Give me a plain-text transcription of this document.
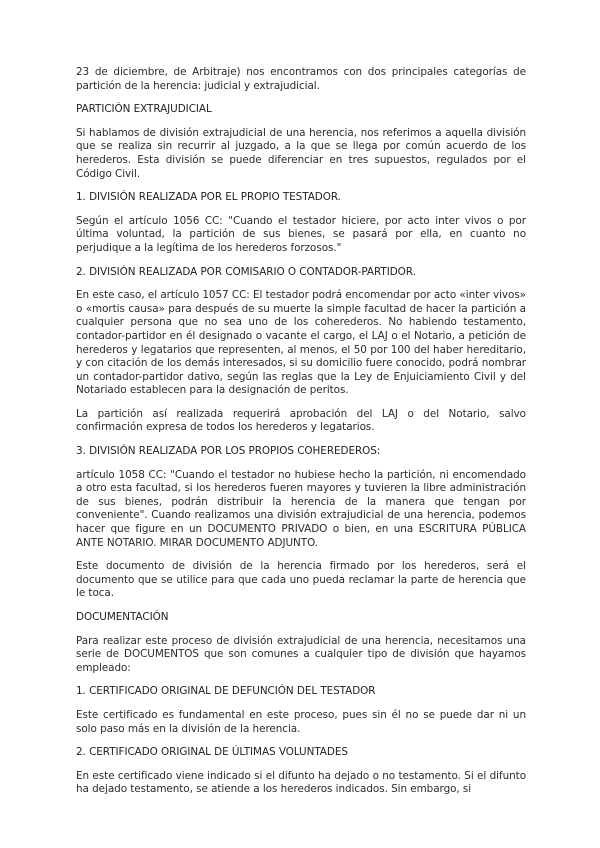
23 de diciembre, de Arbitraje) nos encontramos con dos principales categorías de partición de la herencia: judicial y extrajudicial.

PARTICIÓN EXTRAJUDICIAL

Si hablamos de división extrajudicial de una herencia, nos referimos a aquella división que se realiza sin recurrir al juzgado, a la que se llega por común acuerdo de los herederos. Esta división se puede diferenciar en tres supuestos, regulados por el Código Civil.

1. DIVISIÓN REALIZADA POR EL PROPIO TESTADOR.

Según el artículo 1056 CC: "Cuando el testador hiciere, por acto inter vivos o por última voluntad, la partición de sus bienes, se pasará por ella, en cuanto no perjudique a la legítima de los herederos forzosos."

2. DIVISIÓN REALIZADA POR COMISARIO O CONTADOR-PARTIDOR.

En este caso, el artículo 1057 CC: El testador podrá encomendar por acto «inter vivos» o «mortis causa» para después de su muerte la simple facultad de hacer la partición a cualquier persona que no sea uno de los coherederos. No habiendo testamento, contador-partidor en él designado o vacante el cargo, el LAJ o el Notario, a petición de herederos y legatarios que representen, al menos, el 50 por 100 del haber hereditario, y con citación de los demás interesados, si su domicilio fuere conocido, podrá nombrar un contador-partidor dativo, según las reglas que la Ley de Enjuiciamiento Civil y del Notariado establecen para la designación de peritos.

La partición así realizada requerirá aprobación del LAJ o del Notario, salvo confirmación expresa de todos los herederos y legatarios.

3. DIVISIÓN REALIZADA POR LOS PROPIOS COHEREDEROS:

artículo 1058 CC: "Cuando el testador no hubiese hecho la partición, ni encomendado a otro esta facultad, si los herederos fueren mayores y tuvieren la libre administración de sus bienes, podrán distribuir la herencia de la manera que tengan por conveniente". Cuando realizamos una división extrajudicial de una herencia, podemos hacer que figure en un DOCUMENTO PRIVADO o bien, en una ESCRITURA PÚBLICA ANTE NOTARIO. MIRAR DOCUMENTO ADJUNTO.

Este documento de división de la herencia firmado por los herederos, será el documento que se utilice para que cada uno pueda reclamar la parte de herencia que le toca.

DOCUMENTACIÓN

Para realizar este proceso de división extrajudicial de una herencia, necesitamos una serie de DOCUMENTOS que son comunes a cualquier tipo de división que hayamos empleado:

1. CERTIFICADO ORIGINAL DE DEFUNCIÓN DEL TESTADOR

Este certificado es fundamental en este proceso, pues sin él no se puede dar ni un solo paso más en la división de la herencia.

2. CERTIFICADO ORIGINAL DE ÚLTIMAS VOLUNTADES

En este certificado viene indicado si el difunto ha dejado o no testamento. Si el difunto ha dejado testamento, se atiende a los herederos indicados. Sin embargo, si
